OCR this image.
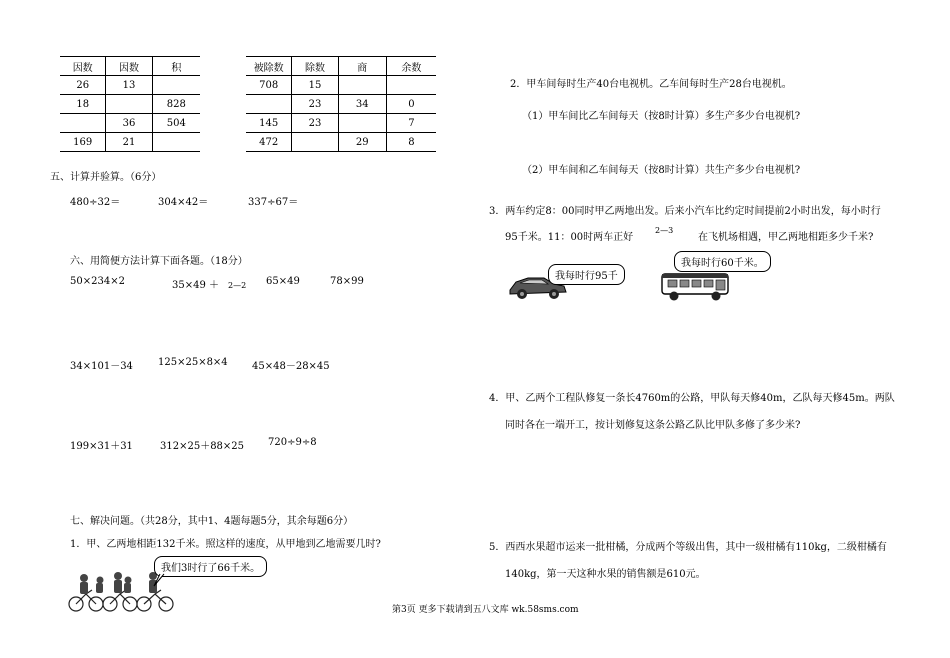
因数	因数	积
26	13	
18		828
	36	504
169	21	
被除数	除数	商	余数
708	15		
	23	34	0
145	23		7
472		29	8
五、计算并验算。（6分）
480÷32＝	304×42＝	337÷67＝
六、用简便方法计算下面各题。（18分）
50×234×2	35×49 ＋ 2—2 65×49	78×99
34×101－34	125×25×8×4 45×48－28×45
199×31＋31	312×25＋88×25 720÷9÷8
七、解决问题。（共28分，其中1、4题每题5分，其余每题6分）
1．甲、乙两地相距132千米。照这样的速度，从甲地到乙地需要几时?
我们3时行了66千米。
2．甲车间每时生产40台电视机。乙车间每时生产28台电视机。
（1）甲车间比乙车间每天（按8时计算）多生产多少台电视机?
（2）甲车间和乙车间每天（按8时计算）共生产多少台电视机?
3．两车约定8：00同时甲乙两地出发。后来小汽车比约定时间提前2小时出发，每小时行
95千米。11：00时两车正好
2—3
在飞机场相遇，甲乙两地相距多少千米?
我每时行95千
我每时行60千米。
4．甲、乙两个工程队修复一条长4760m的公路，甲队每天修40m，乙队每天修45m。两队
同时各在一端开工，按计划修复这条公路乙队比甲队多修了多少米?
5．西西水果超市运来一批柑橘，分成两个等级出售，其中一级柑橘有110kg，二级柑橘有
140kg，第一天这种水果的销售额是610元。
第3页 更多下载请到五八文库 wk.58sms.com
